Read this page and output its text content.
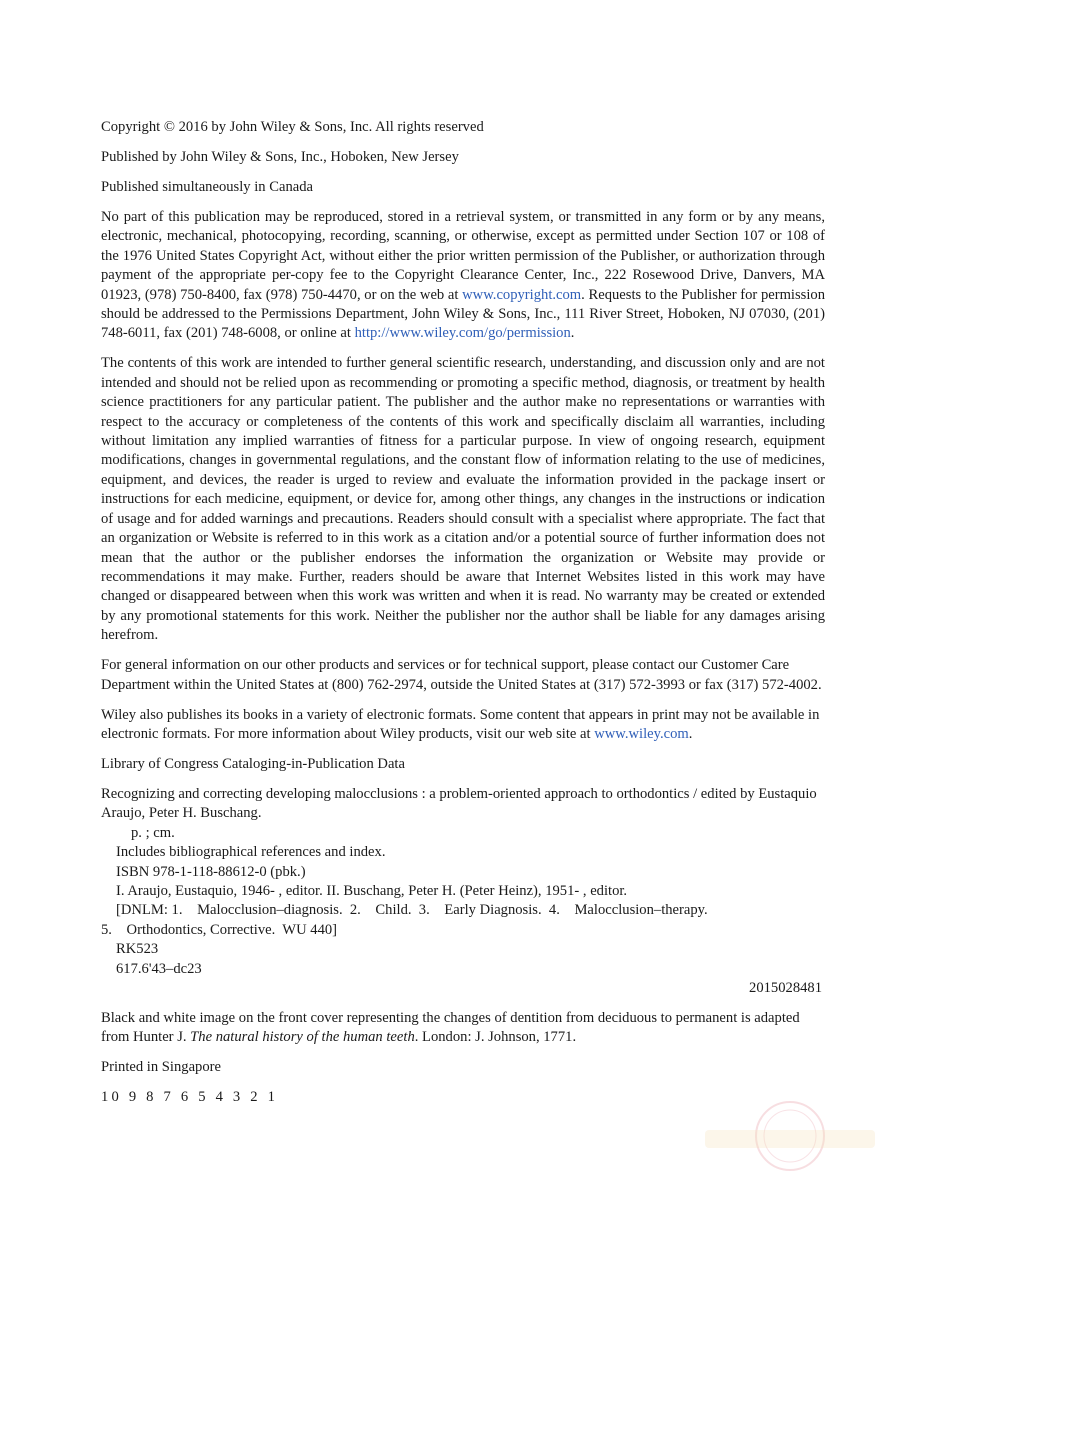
Copyright © 2016 by John Wiley & Sons, Inc. All rights reserved

Published by John Wiley & Sons, Inc., Hoboken, New Jersey

Published simultaneously in Canada

No part of this publication may be reproduced, stored in a retrieval system, or transmitted in any form or by any means, electronic, mechanical, photocopying, recording, scanning, or otherwise, except as permitted under Section 107 or 108 of the 1976 United States Copyright Act, without either the prior written permission of the Publisher, or authorization through payment of the appropriate per-copy fee to the Copyright Clearance Center, Inc., 222 Rosewood Drive, Danvers, MA 01923, (978) 750-8400, fax (978) 750-4470, or on the web at www.copyright.com. Requests to the Publisher for permission should be addressed to the Permissions Department, John Wiley & Sons, Inc., 111 River Street, Hoboken, NJ 07030, (201) 748-6011, fax (201) 748-6008, or online at http://www.wiley.com/go/permission.

The contents of this work are intended to further general scientific research, understanding, and discussion only and are not intended and should not be relied upon as recommending or promoting a specific method, diagnosis, or treatment by health science practitioners for any particular patient. The publisher and the author make no representations or warranties with respect to the accuracy or completeness of the contents of this work and specifically disclaim all warranties, including without limitation any implied warranties of fitness for a particular purpose. In view of ongoing research, equipment modifications, changes in governmental regulations, and the constant flow of information relating to the use of medicines, equipment, and devices, the reader is urged to review and evaluate the information provided in the package insert or instructions for each medicine, equipment, or device for, among other things, any changes in the instructions or indication of usage and for added warnings and precautions. Readers should consult with a specialist where appropriate. The fact that an organization or Website is referred to in this work as a citation and/or a potential source of further information does not mean that the author or the publisher endorses the information the organization or Website may provide or recommendations it may make. Further, readers should be aware that Internet Websites listed in this work may have changed or disappeared between when this work was written and when it is read. No warranty may be created or extended by any promotional statements for this work. Neither the publisher nor the author shall be liable for any damages arising herefrom.

For general information on our other products and services or for technical support, please contact our Customer Care Department within the United States at (800) 762-2974, outside the United States at (317) 572-3993 or fax (317) 572-4002.

Wiley also publishes its books in a variety of electronic formats. Some content that appears in print may not be available in electronic formats. For more information about Wiley products, visit our web site at www.wiley.com.

Library of Congress Cataloging-in-Publication Data

Recognizing and correcting developing malocclusions : a problem-oriented approach to orthodontics / edited by Eustaquio Araujo, Peter H. Buschang.
p. ; cm.
Includes bibliographical references and index.
ISBN 978-1-118-88612-0 (pbk.)
I. Araujo, Eustaquio, 1946- , editor. II. Buschang, Peter H. (Peter Heinz), 1951- , editor.
[DNLM: 1.    Malocclusion–diagnosis.  2.    Child.  3.    Early Diagnosis.  4.    Malocclusion–therapy.
5.    Orthodontics, Corrective.  WU 440]
RK523
617.6'43–dc23
2015028481

Black and white image on the front cover representing the changes of dentition from deciduous to permanent is adapted from Hunter J. The natural history of the human teeth. London: J. Johnson, 1771.

Printed in Singapore

10 9 8 7 6 5 4 3 2 1
